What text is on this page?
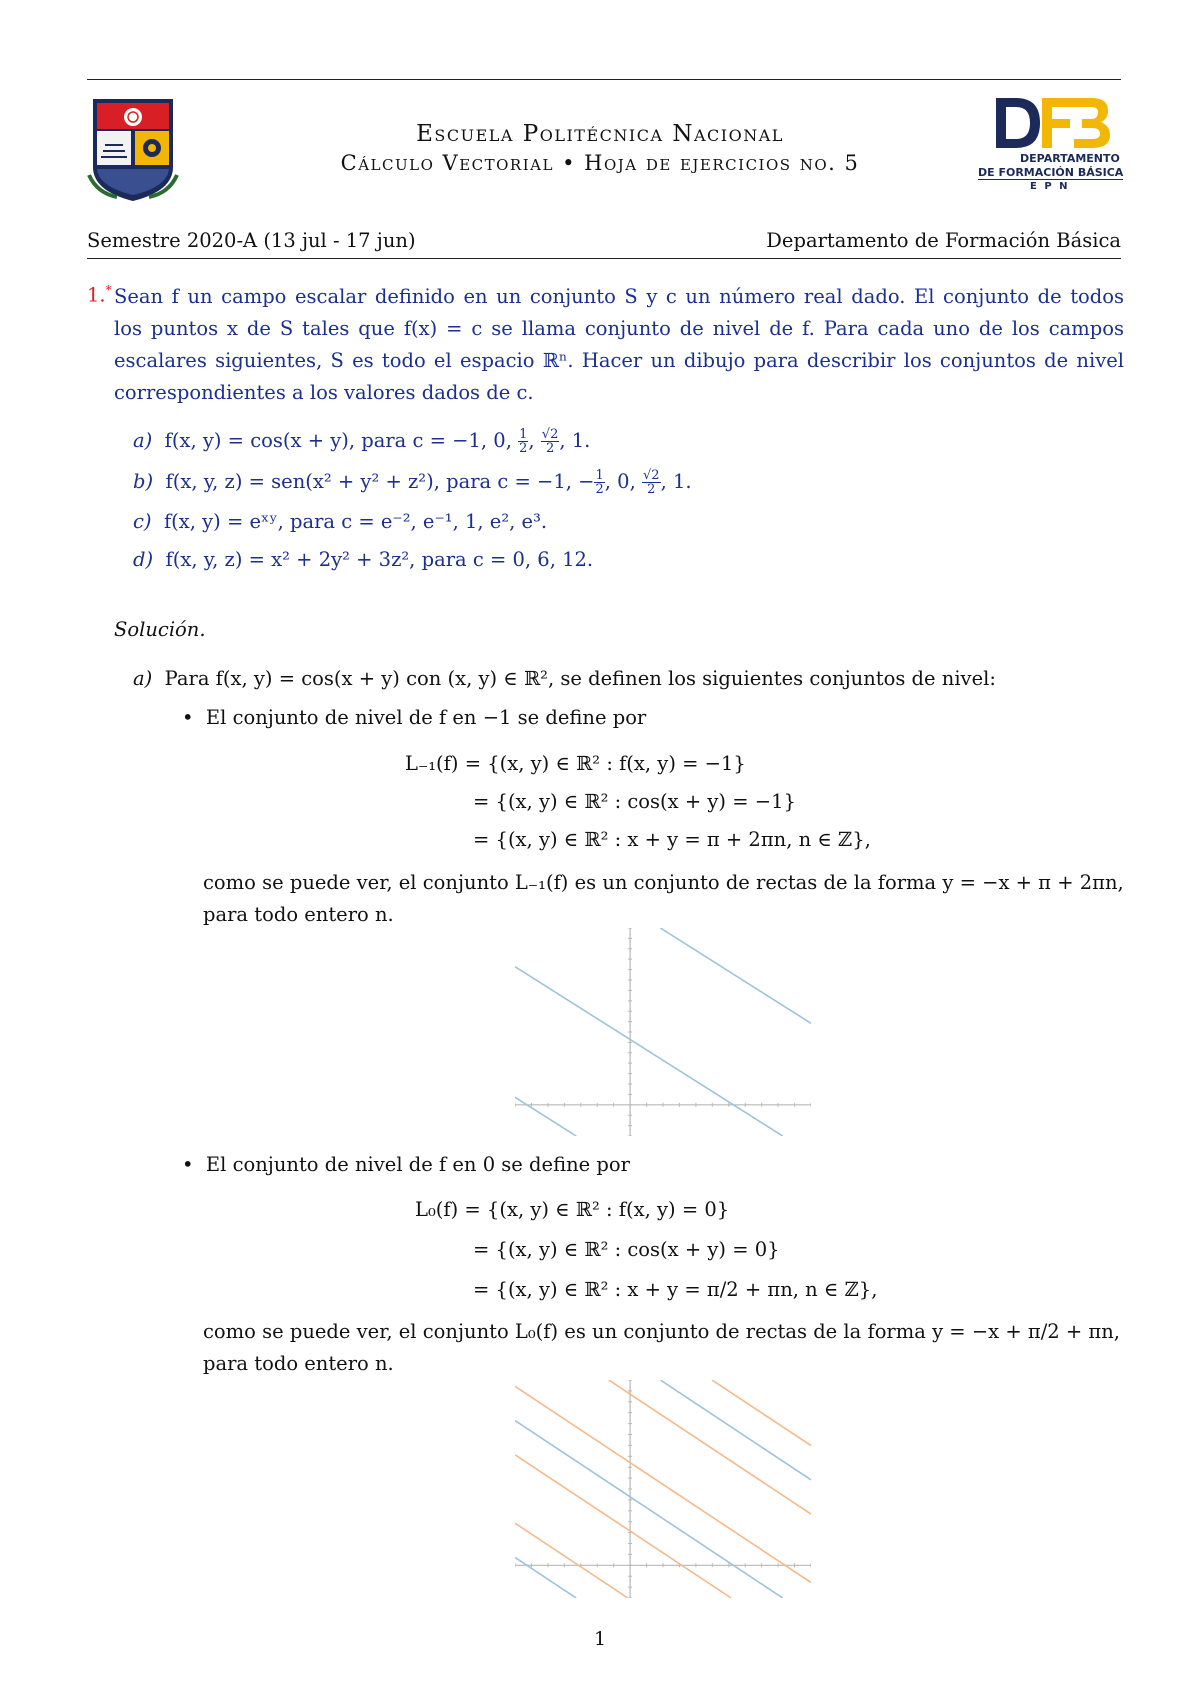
Escuela Politécnica Nacional
Cálculo Vectorial • Hoja de ejercicios no. 5	DEPARTAMENTO
DE FORMACIÓN BÁSICA
E P N
Semestre 2020-A (13 jul - 17 jun)	Departamento de Formación Básica
1.* Sean f un campo escalar definido en un conjunto S y c un número real dado. El conjunto de todos
los puntos x de S tales que f(x) = c se llama conjunto de nivel de f. Para cada uno de los campos
escalares siguientes, S es todo el espacio ℝⁿ. Hacer un dibujo para describir los conjuntos de nivel
correspondientes a los valores dados de c.
a) f(x, y) = cos(x + y), para c = −1, 0, $\frac{1}{2}$ , $\frac{√2}{2}$ , 1.
b) f(x, y, z) = sen(x² + y² + z²), para c = −1, − $\frac{1}{2}$ , 0, $\frac{√2}{2}$ , 1.
c) f(x, y) = eˣʸ, para c = e⁻², e⁻¹, 1, e², e³.
d) f(x, y, z) = x² + 2y² + 3z², para c = 0, 6, 12.
Solución.
a) Para f(x, y) = cos(x + y) con (x, y) ∈ ℝ², se definen los siguientes conjuntos de nivel:
• El conjunto de nivel de f en −1 se define por
L₋₁(f) = {(x, y) ∈ ℝ² : f(x, y) = −1}
= {(x, y) ∈ ℝ² : cos(x + y) = −1}
= {(x, y) ∈ ℝ² : x + y = π + 2πn, n ∈ ℤ},
como se puede ver, el conjunto L₋₁(f) es un conjunto de rectas de la forma y = −x + π + 2πn,
para todo entero n.
• El conjunto de nivel de f en 0 se define por
L₀(f) = {(x, y) ∈ ℝ² : f(x, y) = 0}
= {(x, y) ∈ ℝ² : cos(x + y) = 0}
= {(x, y) ∈ ℝ² : x + y = π/2 + πn, n ∈ ℤ},
como se puede ver, el conjunto L₀(f) es un conjunto de rectas de la forma y = −x + π/2 + πn,
para todo entero n.
1
